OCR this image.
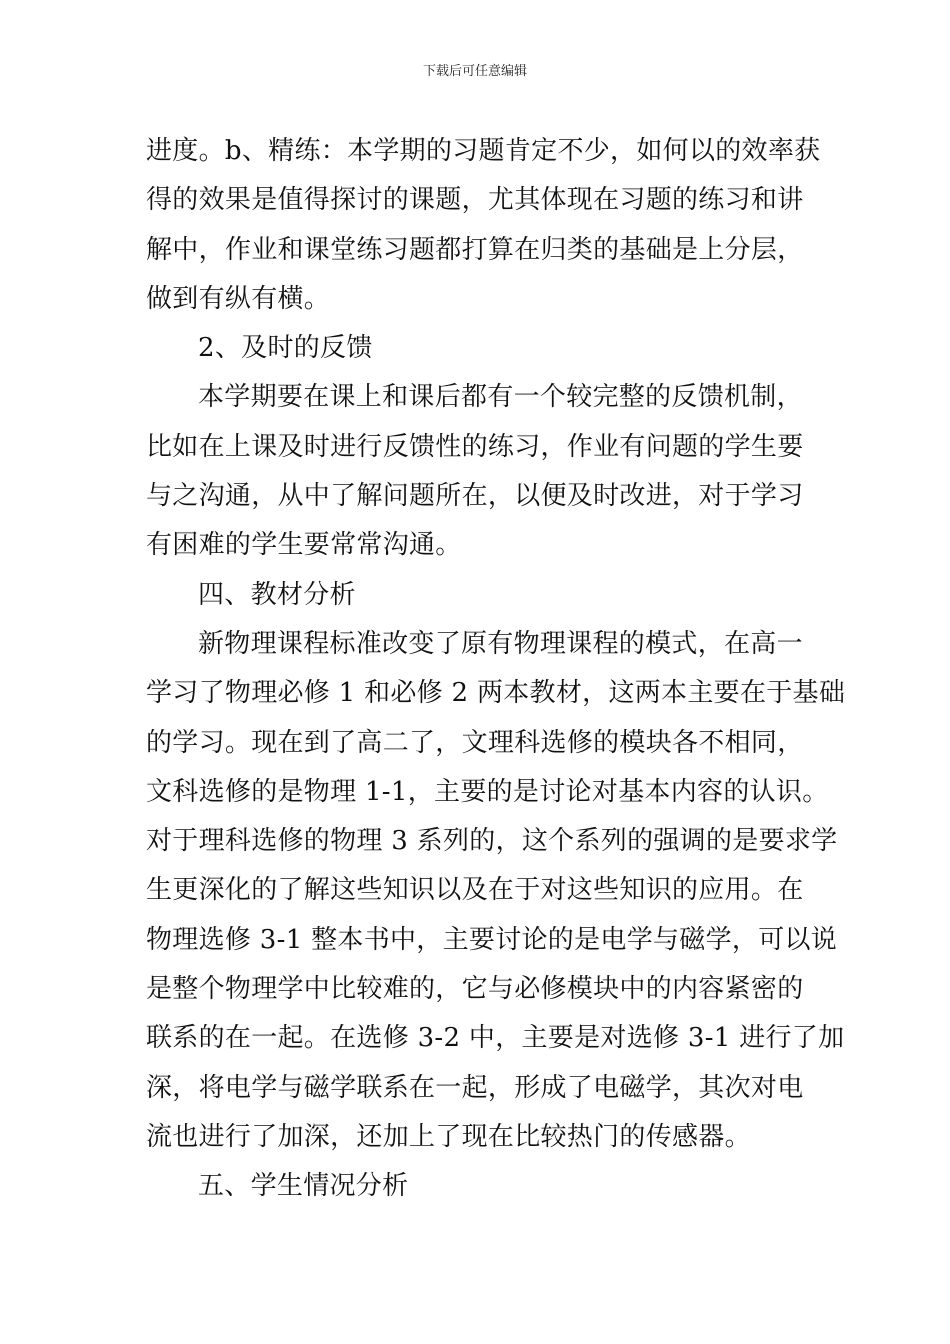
下载后可任意编辑
进度。b、精练：本学期的习题肯定不少，如何以的效率获
得的效果是值得探讨的课题，尤其体现在习题的练习和讲
解中，作业和课堂练习题都打算在归类的基础是上分层，
做到有纵有横。
2、及时的反馈
本学期要在课上和课后都有一个较完整的反馈机制，
比如在上课及时进行反馈性的练习，作业有问题的学生要
与之沟通，从中了解问题所在，以便及时改进，对于学习
有困难的学生要常常沟通。
四、教材分析
新物理课程标准改变了原有物理课程的模式，在高一
学习了物理必修 1 和必修 2 两本教材，这两本主要在于基础
的学习。现在到了高二了，文理科选修的模块各不相同，
文科选修的是物理 1-1，主要的是讨论对基本内容的认识。
对于理科选修的物理 3 系列的，这个系列的强调的是要求学
生更深化的了解这些知识以及在于对这些知识的应用。在
物理选修 3-1 整本书中，主要讨论的是电学与磁学，可以说
是整个物理学中比较难的，它与必修模块中的内容紧密的
联系的在一起。在选修 3-2 中，主要是对选修 3-1 进行了加
深，将电学与磁学联系在一起，形成了电磁学，其次对电
流也进行了加深，还加上了现在比较热门的传感器。
五、学生情况分析
